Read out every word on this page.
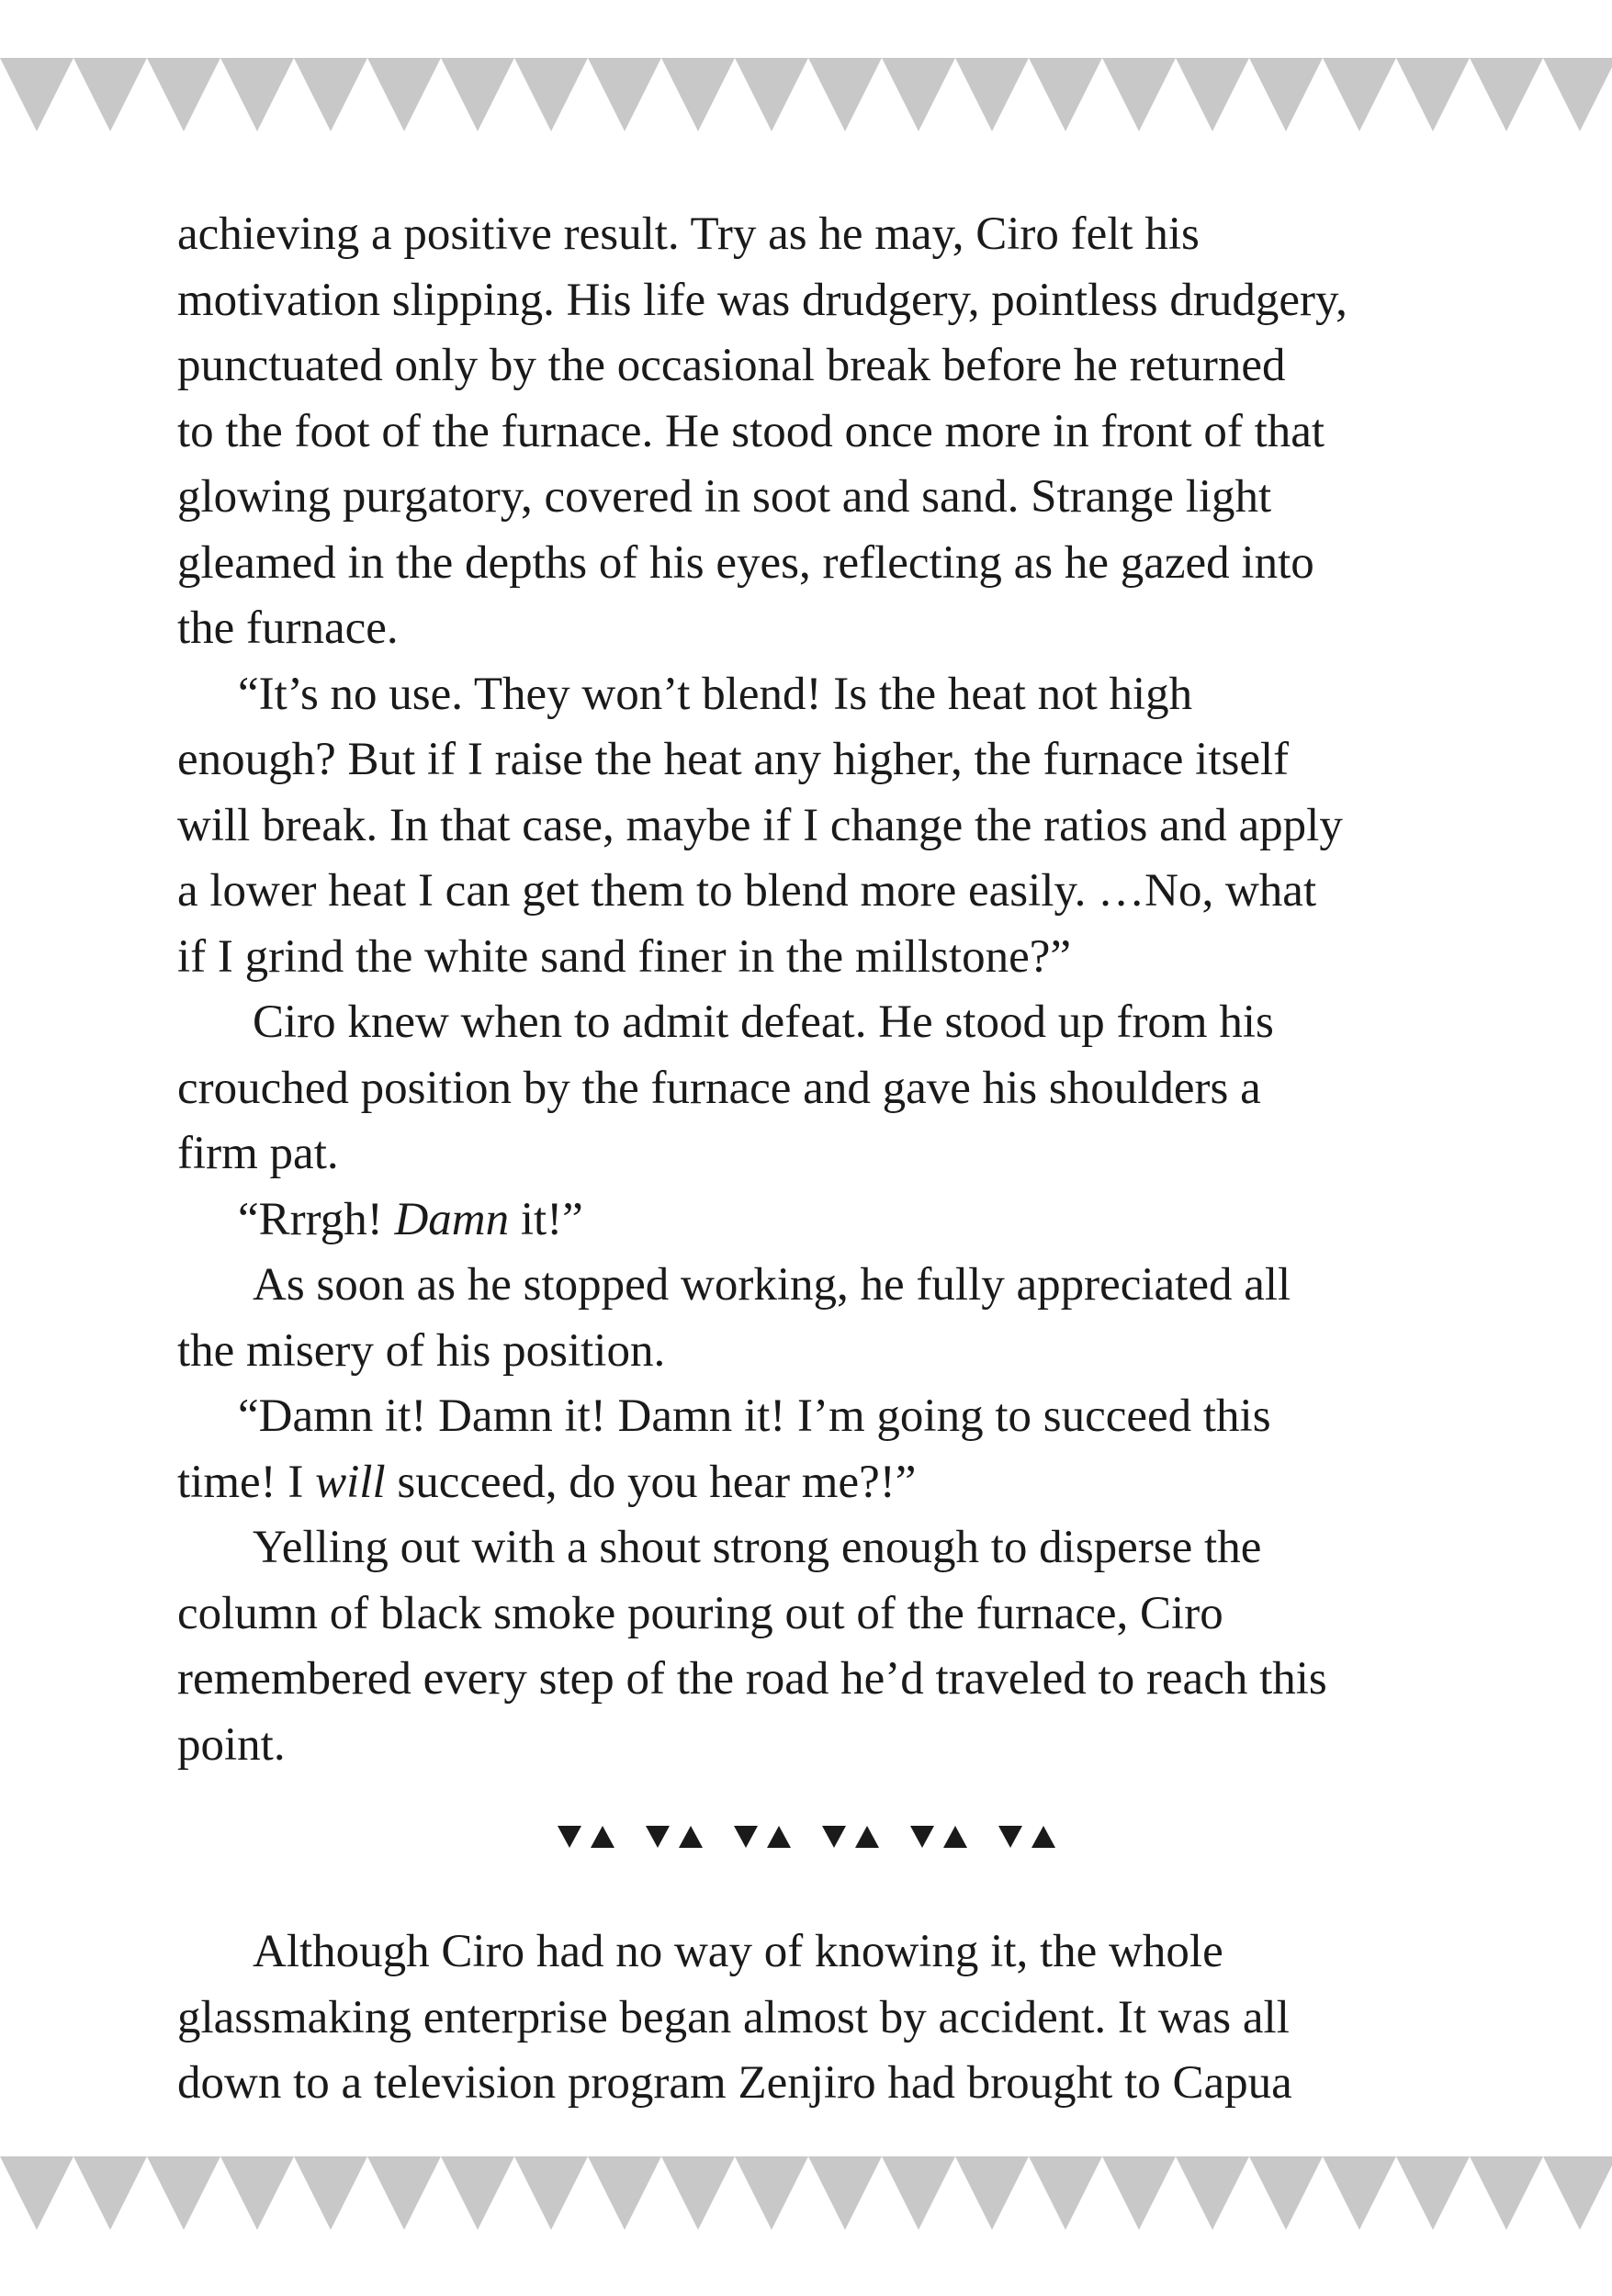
achieving a positive result. Try as he may, Ciro felt his
motivation slipping. His life was drudgery, pointless drudgery,
punctuated only by the occasional break before he returned
to the foot of the furnace. He stood once more in front of that
glowing purgatory, covered in soot and sand. Strange light
gleamed in the depths of his eyes, reflecting as he gazed into
the furnace.
“It’s no use. They won’t blend! Is the heat not high
enough? But if I raise the heat any higher, the furnace itself
will break. In that case, maybe if I change the ratios and apply
a lower heat I can get them to blend more easily. …No, what
if I grind the white sand finer in the millstone?”
Ciro knew when to admit defeat. He stood up from his
crouched position by the furnace and gave his shoulders a
firm pat.
“Rrrgh! Damn it!”
As soon as he stopped working, he fully appreciated all
the misery of his position.
“Damn it! Damn it! Damn it! I’m going to succeed this
time! I will succeed, do you hear me?!”
Yelling out with a shout strong enough to disperse the
column of black smoke pouring out of the furnace, Ciro
remembered every step of the road he’d traveled to reach this
point.
Although Ciro had no way of knowing it, the whole
glassmaking enterprise began almost by accident. It was all
down to a television program Zenjiro had brought to Capua
